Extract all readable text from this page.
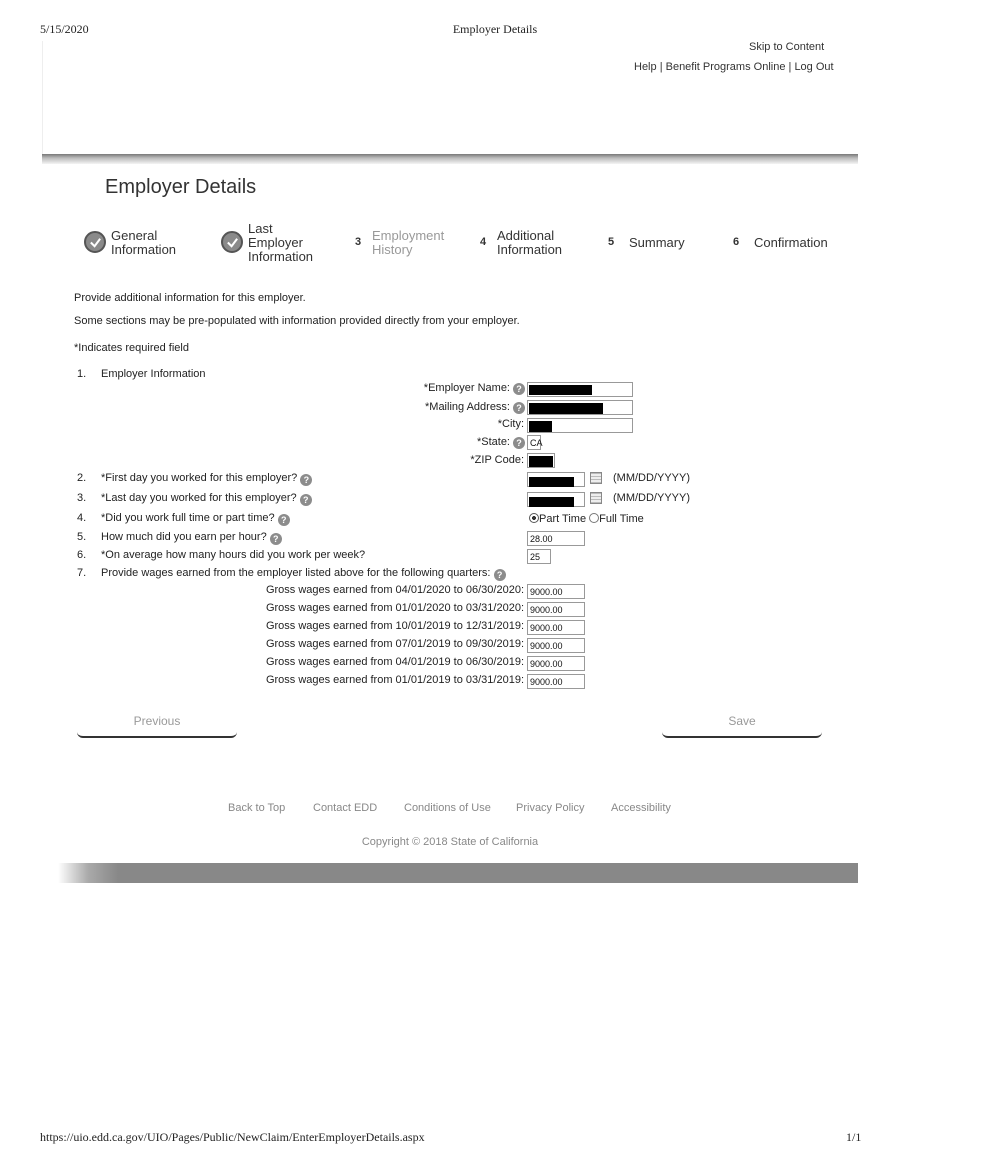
5/15/2020	Employer Details
https://uio.edd.ca.gov/UIO/Pages/Public/NewClaim/EnterEmployerDetails.aspx	1/1
Skip to Content
Help | Benefit Programs Online | Log Out
Employer Details
General
Information
Last
Employer
Information
3 Employment
History	4 Additional
Information	5 Summary	6 Confirmation
Provide additional information for this employer.
Some sections may be pre-populated with information provided directly from your employer.
*Indicates required field
1. Employer Information
*Employer Name: ?
*Mailing Address: ?
*City:
*State: ? CA
*ZIP Code:
2. *First day you worked for this employer? ?	(MM/DD/YYYY)
3. *Last day you worked for this employer? ?	(MM/DD/YYYY)
4. *Did you work full time or part time? ?	Part Time Full Time
5. How much did you earn per hour? ?	28.00
6. *On average how many hours did you work per week?	25
7. Provide wages earned from the employer listed above for the following quarters: ?
Gross wages earned from 04/01/2020 to 06/30/2020: 9000.00
Gross wages earned from 01/01/2020 to 03/31/2020: 9000.00
Gross wages earned from 10/01/2019 to 12/31/2019: 9000.00
Gross wages earned from 07/01/2019 to 09/30/2019: 9000.00
Gross wages earned from 04/01/2019 to 06/30/2019: 9000.00
Gross wages earned from 01/01/2019 to 03/31/2019: 9000.00
Previous	Save
Back to Top	Contact EDD Conditions of Use Privacy Policy Accessibility
Copyright © 2018 State of California
